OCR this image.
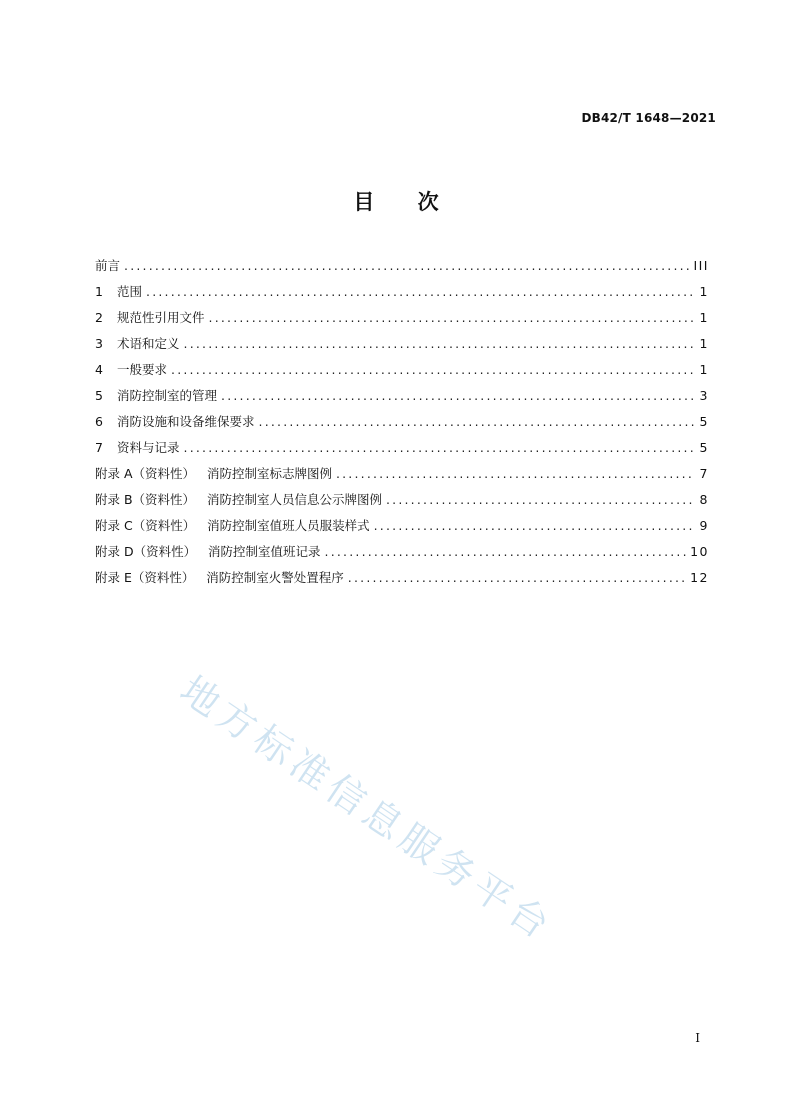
DB42/T 1648—2021
目 次
前言 .....	III
1	范围 .....	1
2	规范性引用文件 .....	1
3	术语和定义 .....	1
4	一般要求 .....	1
5	消防控制室的管理 .....	3
6	消防设施和设备维保要求 .....	5
7	资料与记录 .....	5
附录 A（资料性）   消防控制室标志牌图例 .....	7
附录 B（资料性）   消防控制室人员信息公示牌图例 .....	8
附录 C（资料性）   消防控制室值班人员服装样式 .....	9
附录 D（资料性）   消防控制室值班记录 .....	10
附录 E（资料性）   消防控制室火警处置程序 .....	12
地方标准信息服务平台
I
